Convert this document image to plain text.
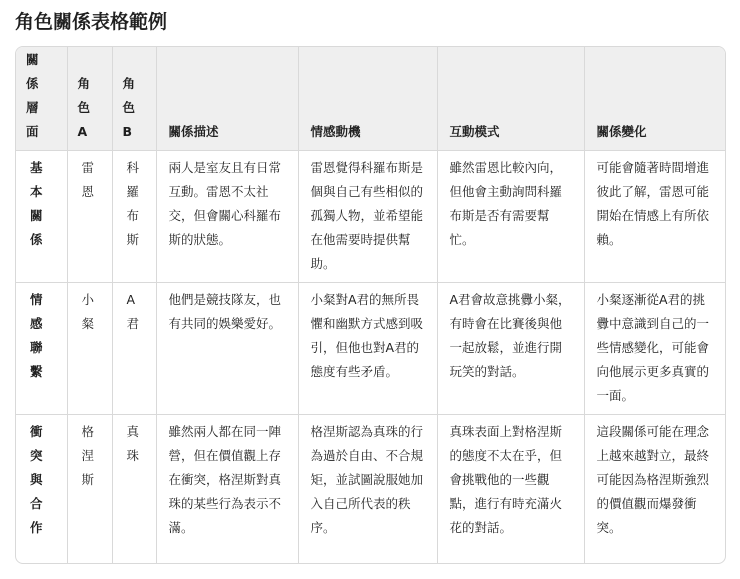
角色關係表格範例
關係層面	角色A	角色B	關係描述	情感動機	互動模式	關係變化

基本關係	雷恩	科羅布斯	兩人是室友且有日常互動。雷恩不太社交，但會關心科羅布斯的狀態。	雷恩覺得科羅布斯是個與自己有些相似的孤獨人物，並希望能在他需要時提供幫助。	雖然雷恩比較內向，但他會主動詢問科羅布斯是否有需要幫忙。	可能會隨著時間增進彼此了解，雷恩可能開始在情感上有所依賴。

情感聯繫	小粲	A君	他們是競技隊友，也有共同的娛樂愛好。	小粲對A君的無所畏懼和幽默方式感到吸引，但他也對A君的態度有些矛盾。	A君會故意挑釁小粲，有時會在比賽後與他一起放鬆，並進行開玩笑的對話。	小粲逐漸從A君的挑釁中意識到自己的一些情感變化，可能會向他展示更多真實的一面。

衝突與合作	格涅斯	真珠	雖然兩人都在同一陣營，但在價值觀上存在衝突，格涅斯對真珠的某些行為表示不滿。	格涅斯認為真珠的行為過於自由、不合規矩，並試圖說服她加入自己所代表的秩序。	真珠表面上對格涅斯的態度不太在乎，但會挑戰他的一些觀點，進行有時充滿火花的對話。	這段關係可能在理念上越來越對立，最終可能因為格涅斯強烈的價值觀而爆發衝突。
